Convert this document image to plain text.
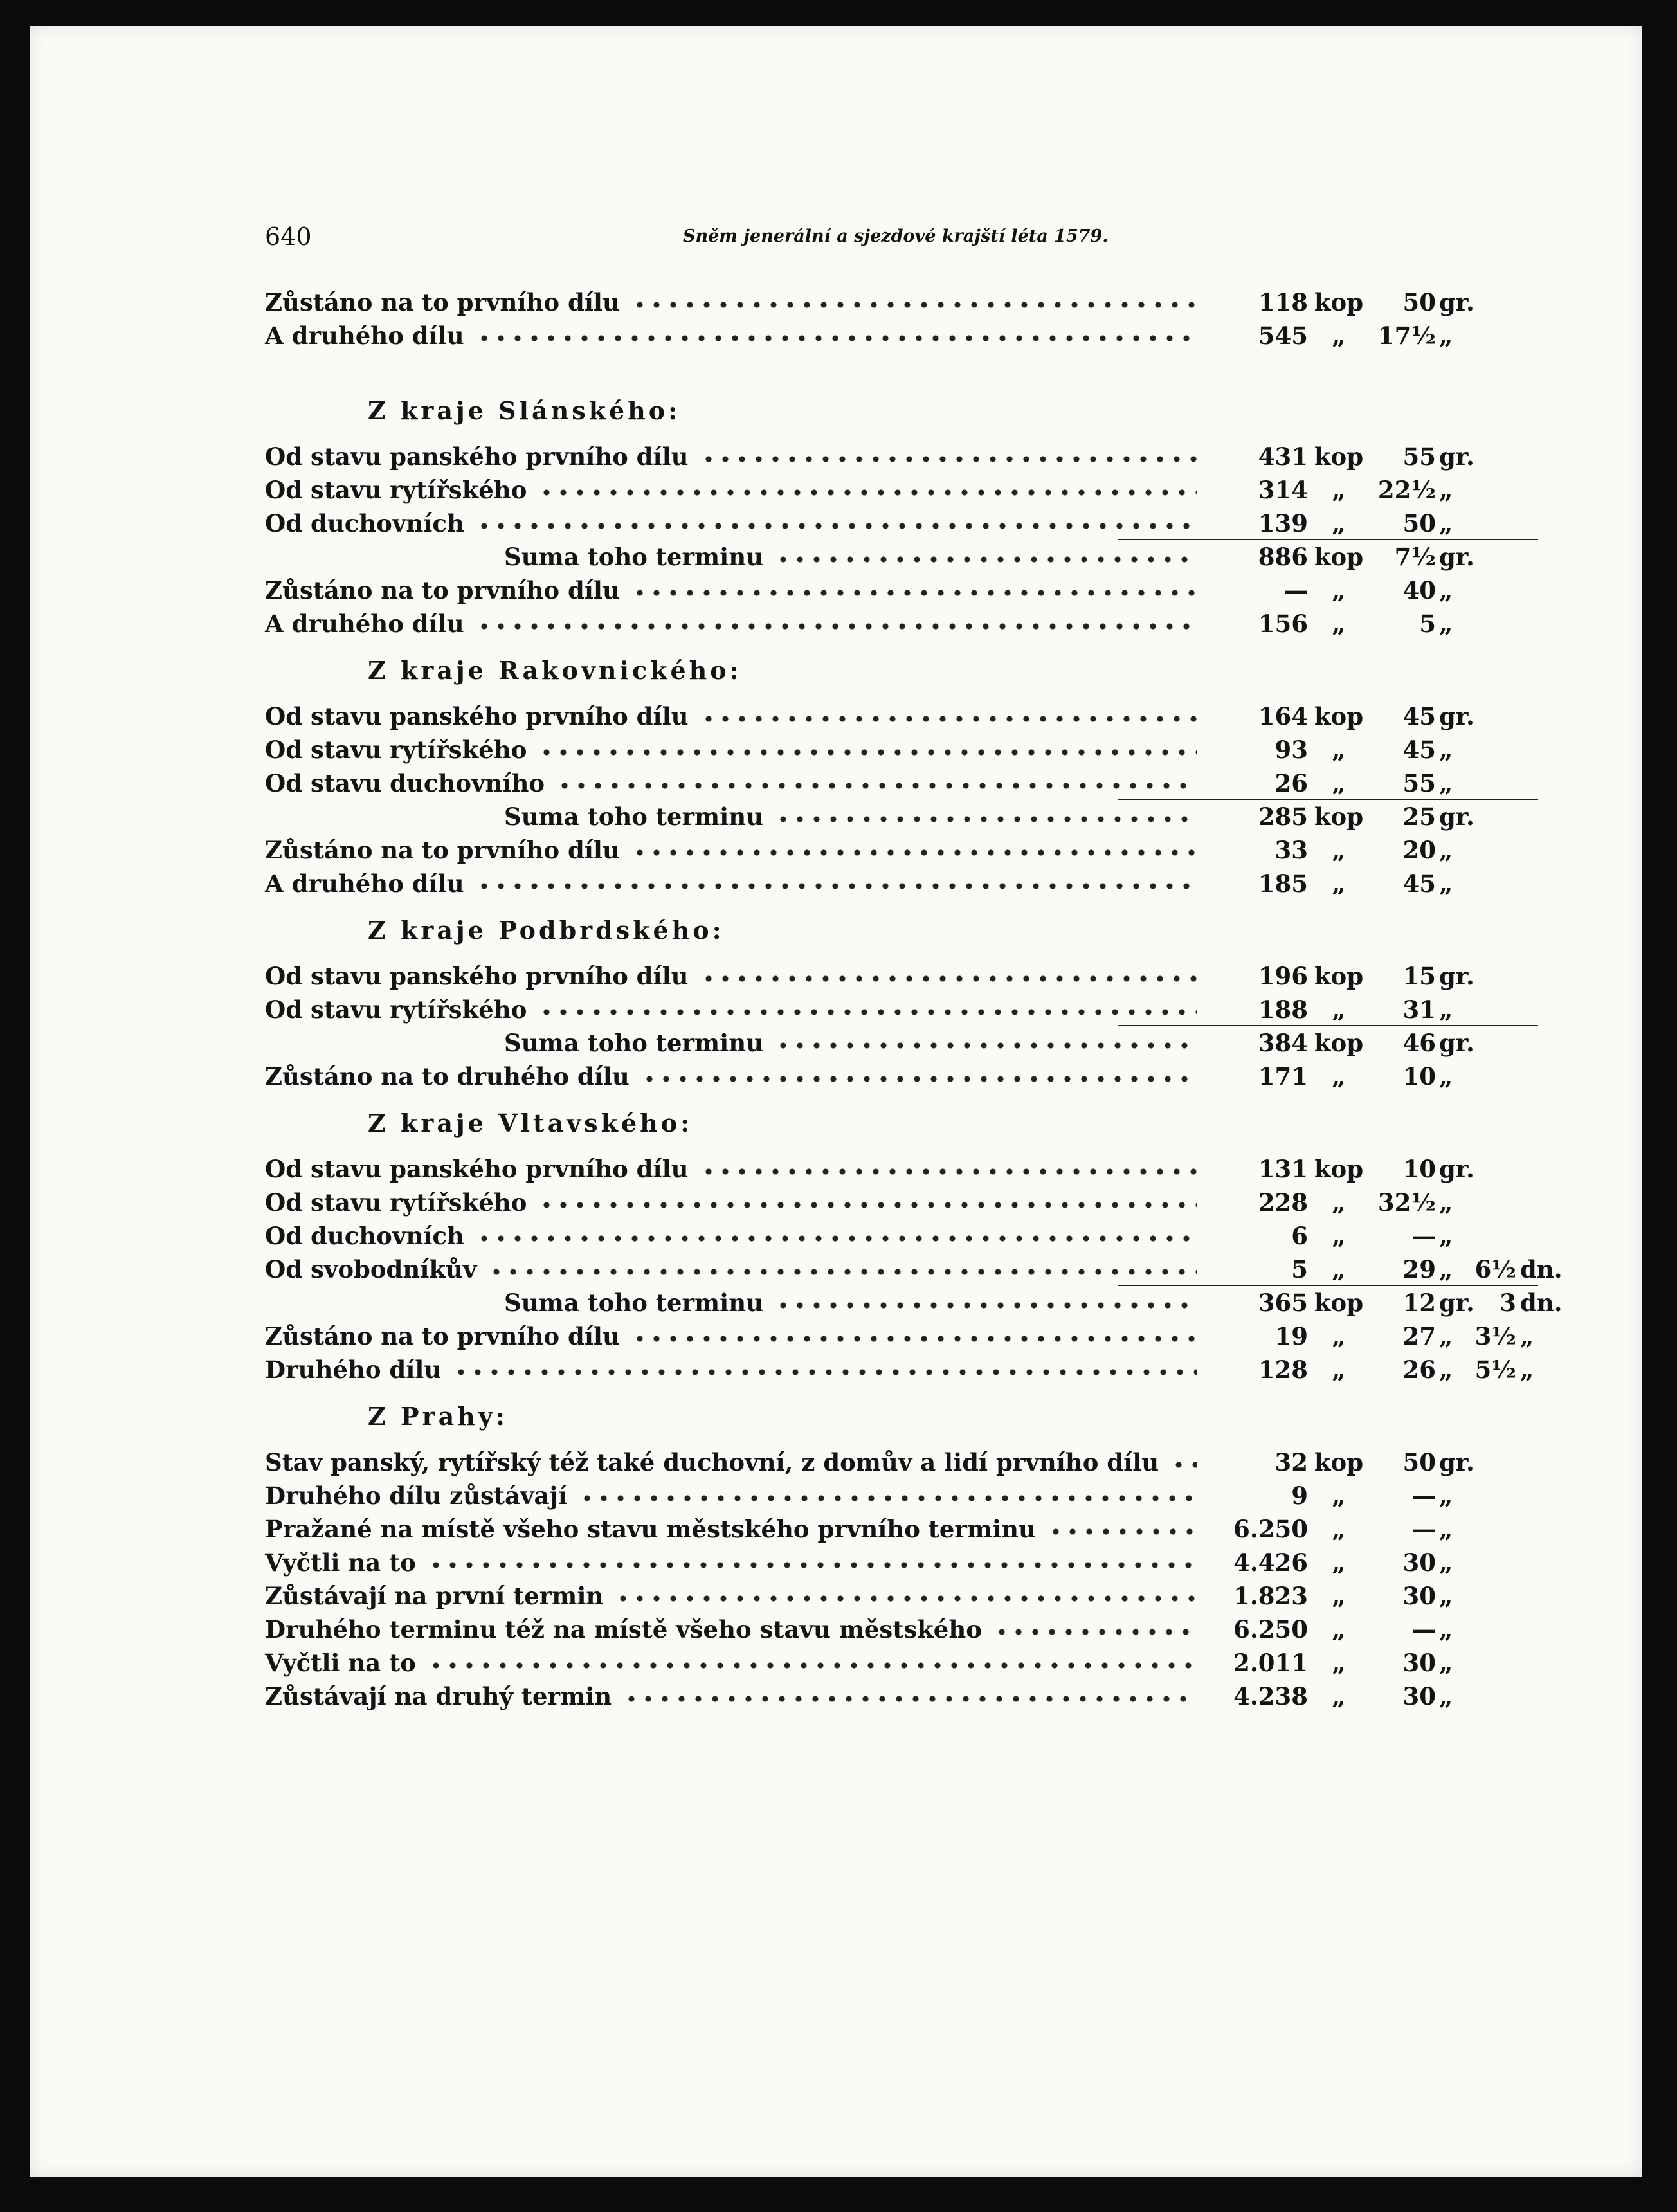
640	Sněm jenerální a sjezdové krajští léta 1579.
Zůstáno na to prvního dílu	118 kop	50 gr.
A druhého dílu	545	„	17½ „
Z kraje Slánského:
Od stavu panského prvního dílu	431 kop	55 gr.
Od stavu rytířského	314	„	22½ „
Od duchovních	139	„	50 „
Suma toho terminu	886 kop	7½ gr.
Zůstáno na to prvního dílu	—	„	40 „
A druhého dílu	156	„	5 „
Z kraje Rakovnického:
Od stavu panského prvního dílu	164 kop	45 gr.
Od stavu rytířského	93	„	45 „
Od stavu duchovního	26	„	55 „
Suma toho terminu	285 kop	25 gr.
Zůstáno na to prvního dílu	33	„	20 „
A druhého dílu	185	„	45 „
Z kraje Podbrdského:
Od stavu panského prvního dílu	196 kop	15 gr.
Od stavu rytířského	188	„	31 „
Suma toho terminu	384 kop	46 gr.
Zůstáno na to druhého dílu	171	„	10 „
Z kraje Vltavského:
Od stavu panského prvního dílu	131 kop	10 gr.
Od stavu rytířského	228	„	32½ „
Od duchovních	6	„	— „
Od svobodníkův	5	„	29 „ 6½ dn.
Suma toho terminu	365 kop	12 gr.	3 dn.
Zůstáno na to prvního dílu	19	„	27 „ 3½ „
Druhého dílu	128	„	26 „ 5½ „
Z Prahy:
Stav panský, rytířský též také duchovní, z domův a lidí prvního dílu	32 kop	50 gr.
Druhého dílu zůstávají	9	„	— „
Pražané na místě všeho stavu městského prvního terminu	6.250	„	— „
Vyčtli na to	4.426	„	30 „
Zůstávají na první termin	1.823	„	30 „
Druhého terminu též na místě všeho stavu městského	6.250	„	— „
Vyčtli na to	2.011	„	30 „
Zůstávají na druhý termin	4.238	„	30 „
